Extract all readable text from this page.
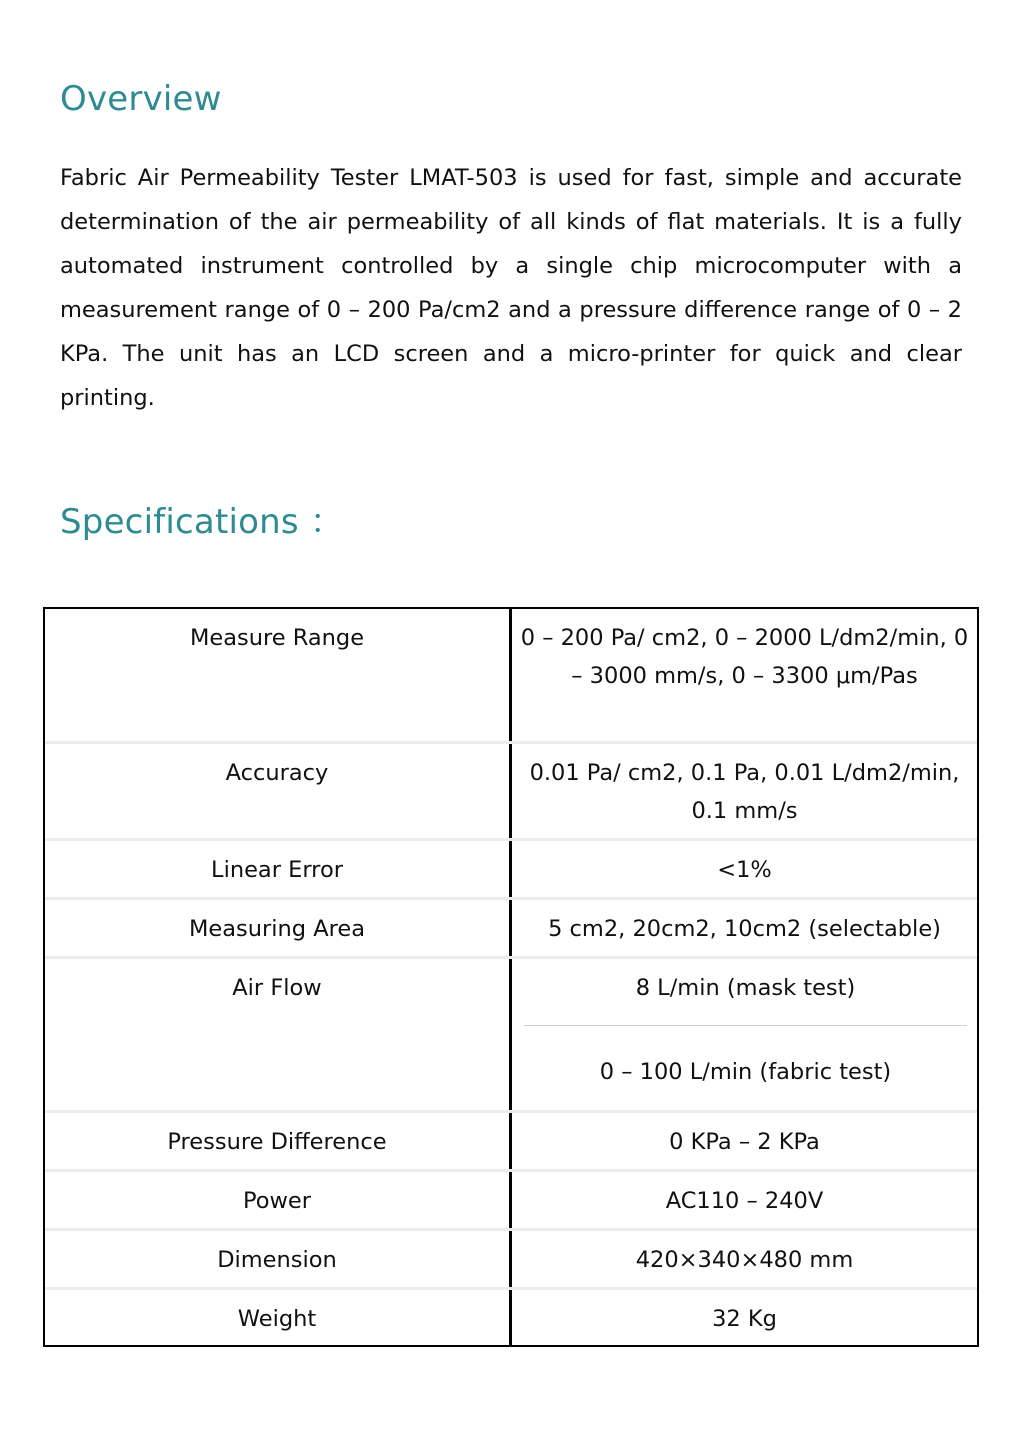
Overview

Fabric Air Permeability Tester LMAT-503 is used for fast, simple and accurate determination of the air permeability of all kinds of flat materials. It is a fully automated instrument controlled by a single chip microcomputer with a measurement range of 0 – 200 Pa/cm2 and a pressure difference range of 0 – 2 KPa. The unit has an LCD screen and a micro-printer for quick and clear printing.

Specifications ：
Measure Range	0 – 200 Pa/ cm2, 0 – 2000 L/dm2/min, 0 – 3000 mm/s, 0 – 3300 μm/Pas
Accuracy	0.01 Pa/ cm2, 0.1 Pa, 0.01 L/dm2/min, 0.1 mm/s
Linear Error	<1%
Measuring Area	5 cm2, 20cm2, 10cm2 (selectable)
Air Flow	8 L/min (mask test)
0 – 100 L/min (fabric test)
Pressure Difference	0 KPa – 2 KPa
Power	AC110 – 240V
Dimension	420×340×480 mm
Weight	32 Kg
